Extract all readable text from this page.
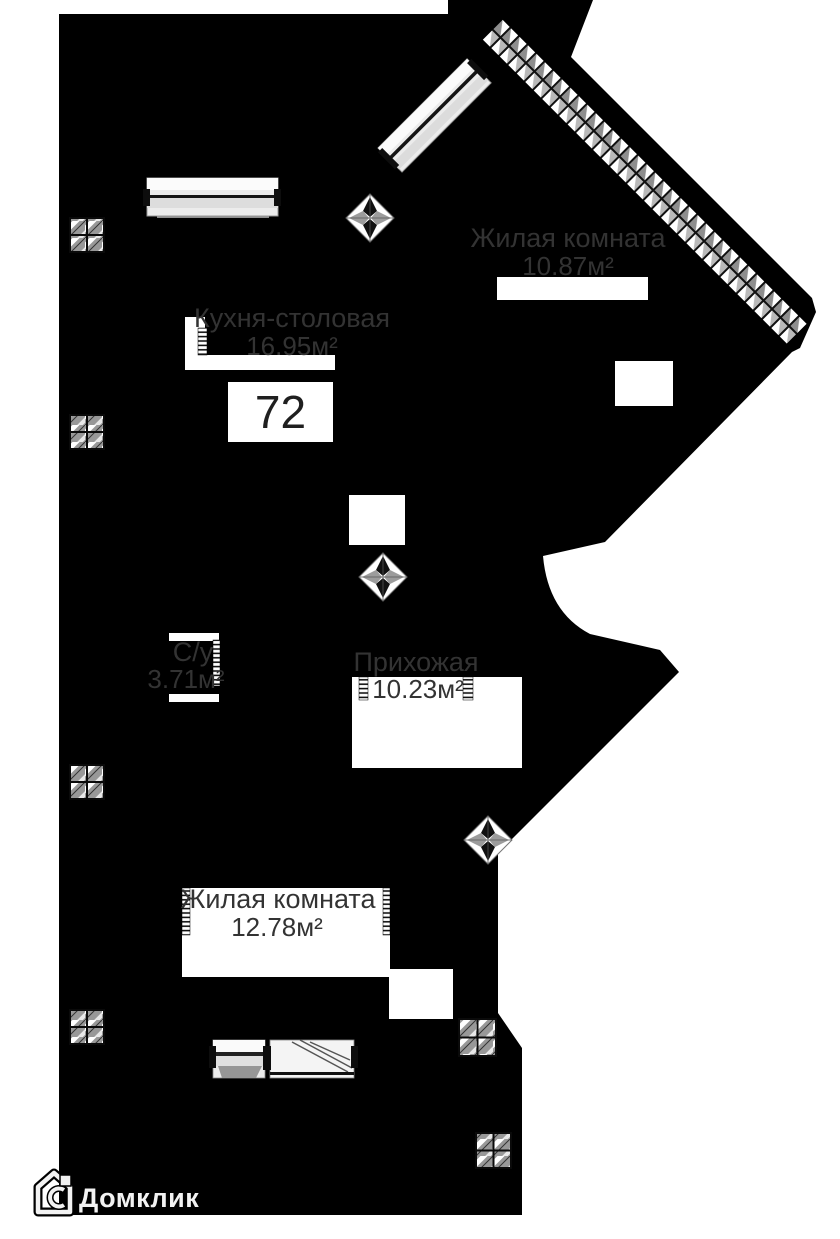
Жилая комната
10.87м²
Кухня-столовая
16.95м²
С/у
3.71м²
Прихожая
10.23м²
Жилая комната
12.78м²
72
Домклик
